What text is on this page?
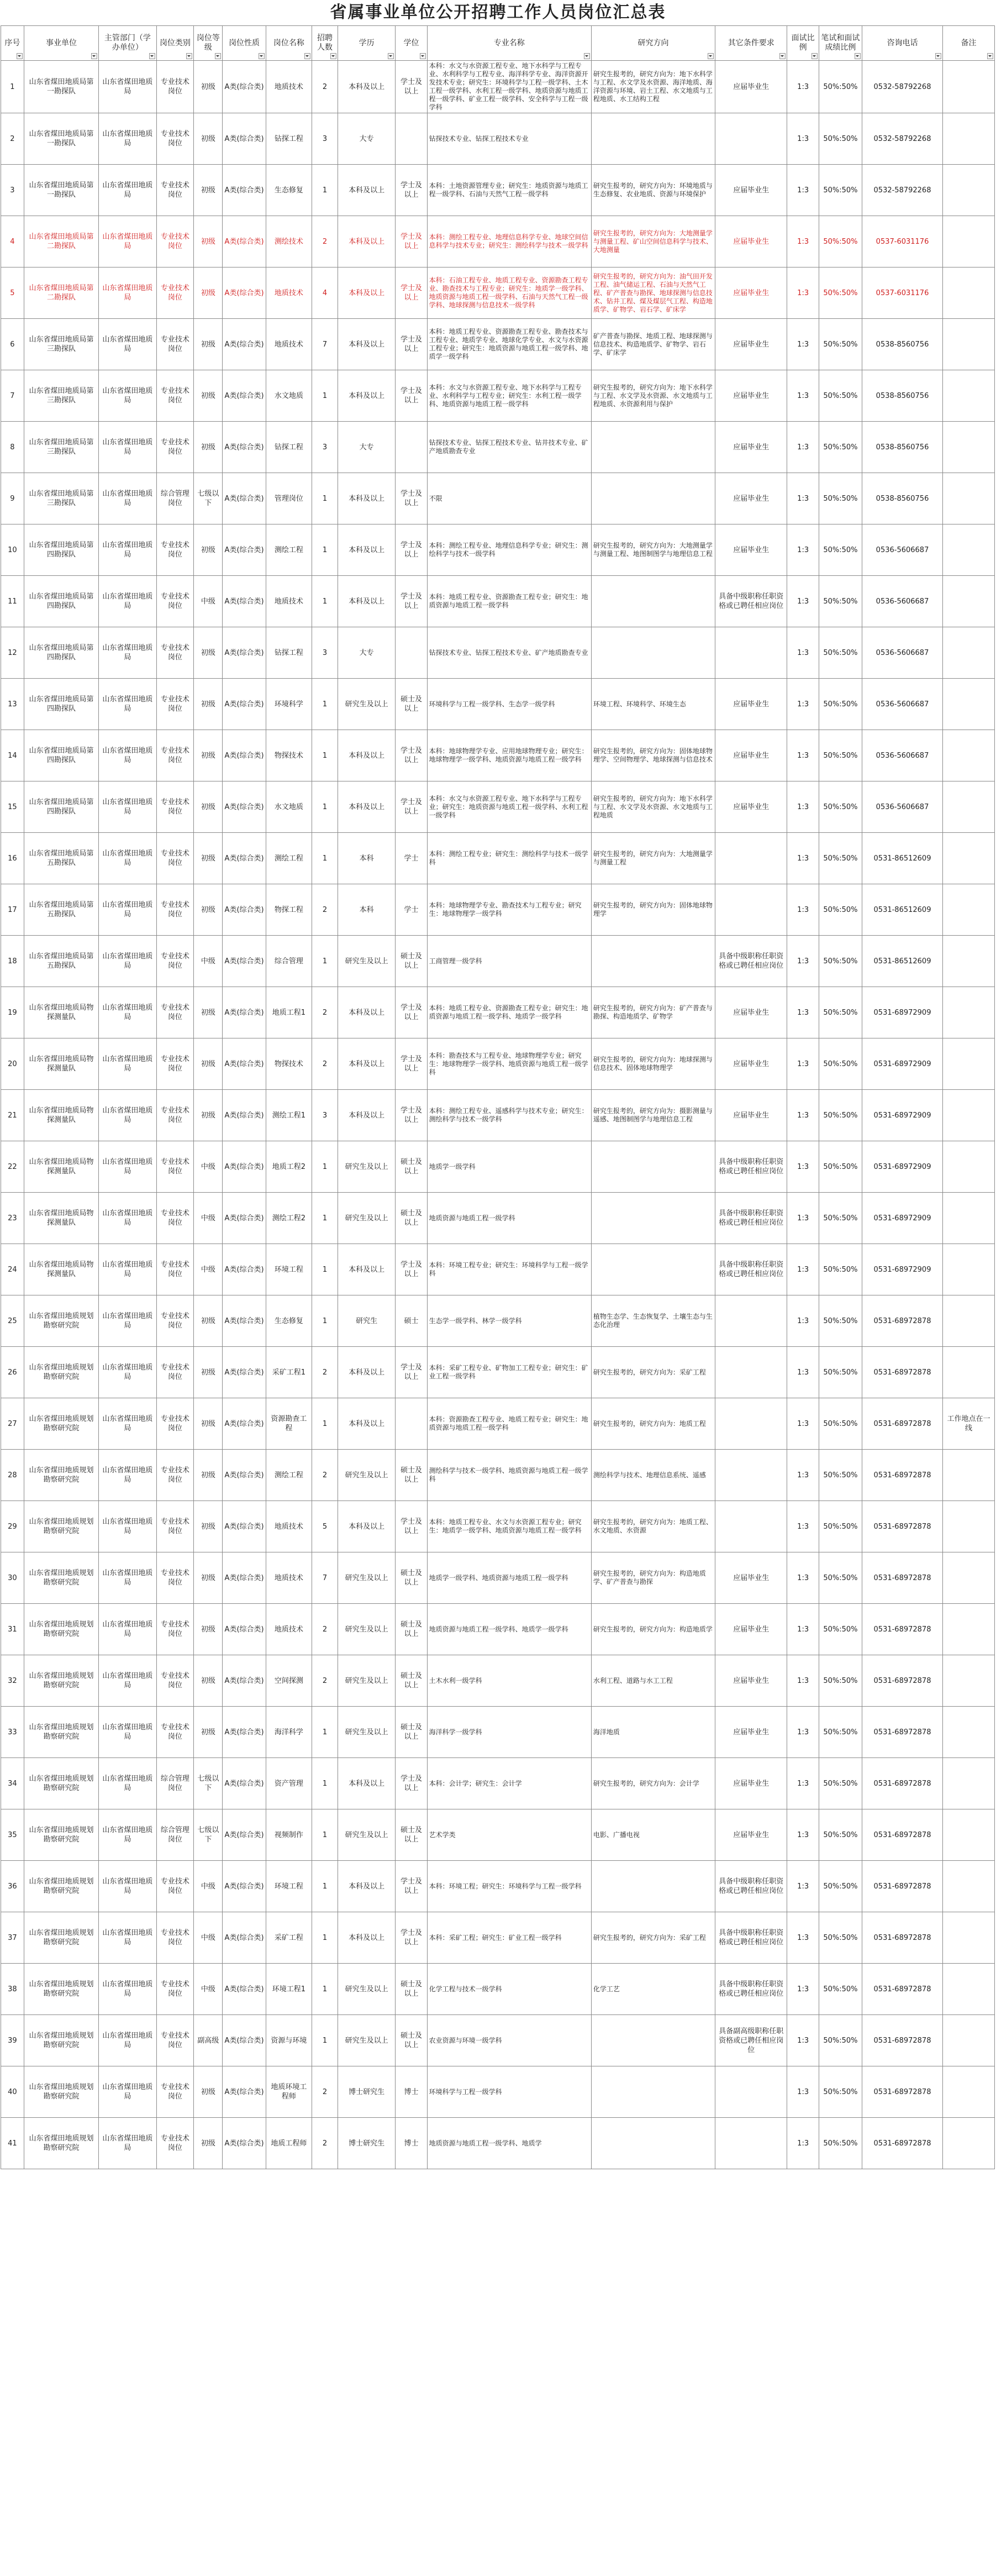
省属事业单位公开招聘工作人员岗位汇总表
序号	事业单位	主管部门（学办单位）	岗位类别	岗位等级	岗位性质	岗位名称	招聘人数	学历	学位	专业名称	研究方向	其它条件要求	面试比例	笔试和面试成绩比例	咨询电话	备注

1	山东省煤田地质局第一勘探队	山东省煤田地质局	专业技术岗位	初级	A类(综合类)	地质技术	2	本科及以上	学士及以上	本科：水文与水资源工程专业、地下水科学与工程专业、水利科学与工程专业、海洋科学专业、海洋资源开发技术专业；研究生：环境科学与工程一级学科、土木工程一级学科、水利工程一级学科、地质资源与地质工程一级学科、矿业工程一级学科、安全科学与工程一级学科	研究生报考的，研究方向为：地下水科学与工程、水文学及水资源、海洋地质、海洋资源与环境、岩土工程、水文地质与工程地质、水工结构工程	应届毕业生	1:3	50%:50%	0532-58792268	
2	山东省煤田地质局第一勘探队	山东省煤田地质局	专业技术岗位	初级	A类(综合类)	钻探工程	3	大专		钻探技术专业、钻探工程技术专业			1:3	50%:50%	0532-58792268	
3	山东省煤田地质局第一勘探队	山东省煤田地质局	专业技术岗位	初级	A类(综合类)	生态修复	1	本科及以上	学士及以上	本科：土地资源管理专业；研究生：地质资源与地质工程一级学科、石油与天然气工程一级学科	研究生报考的，研究方向为：环境地质与生态修复、农业地质、资源与环境保护	应届毕业生	1:3	50%:50%	0532-58792268	
4	山东省煤田地质局第二勘探队	山东省煤田地质局	专业技术岗位	初级	A类(综合类)	测绘技术	2	本科及以上	学士及以上	本科：测绘工程专业、地理信息科学专业、地球空间信息科学与技术专业；研究生：测绘科学与技术一级学科	研究生报考的，研究方向为：大地测量学与测量工程、矿山空间信息科学与技术、大地测量	应届毕业生	1:3	50%:50%	0537-6031176	
5	山东省煤田地质局第二勘探队	山东省煤田地质局	专业技术岗位	初级	A类(综合类)	地质技术	4	本科及以上	学士及以上	本科：石油工程专业、地质工程专业、资源勘查工程专业、勘查技术与工程专业；研究生：地质学一级学科、地质资源与地质工程一级学科、石油与天然气工程一级学科、地球探测与信息技术一级学科	研究生报考的，研究方向为：油气田开发工程、油气储运工程、石油与天然气工程、矿产普查与勘探、地球探测与信息技术、钻井工程、煤及煤层气工程、构造地质学、矿物学、岩石学、矿床学	应届毕业生	1:3	50%:50%	0537-6031176	
6	山东省煤田地质局第三勘探队	山东省煤田地质局	专业技术岗位	初级	A类(综合类)	地质技术	7	本科及以上	学士及以上	本科：地质工程专业、资源勘查工程专业、勘查技术与工程专业、地质学专业、地球化学专业、水文与水资源工程专业；研究生：地质资源与地质工程一级学科、地质学一级学科	矿产普查与勘探、地质工程、地球探测与信息技术、构造地质学、矿物学、岩石学、矿床学	应届毕业生	1:3	50%:50%	0538-8560756	
7	山东省煤田地质局第三勘探队	山东省煤田地质局	专业技术岗位	初级	A类(综合类)	水文地质	1	本科及以上	学士及以上	本科：水文与水资源工程专业、地下水科学与工程专业、水利科学与工程专业；研究生：水利工程一级学科、地质资源与地质工程一级学科	研究生报考的，研究方向为：地下水科学与工程、水文学及水资源、水文地质与工程地质、水资源利用与保护	应届毕业生	1:3	50%:50%	0538-8560756	
8	山东省煤田地质局第三勘探队	山东省煤田地质局	专业技术岗位	初级	A类(综合类)	钻探工程	3	大专		钻探技术专业、钻探工程技术专业、钻井技术专业、矿产地质勘查专业		应届毕业生	1:3	50%:50%	0538-8560756	
9	山东省煤田地质局第三勘探队	山东省煤田地质局	综合管理岗位	七级以下	A类(综合类)	管理岗位	1	本科及以上	学士及以上	不限		应届毕业生	1:3	50%:50%	0538-8560756	
10	山东省煤田地质局第四勘探队	山东省煤田地质局	专业技术岗位	初级	A类(综合类)	测绘工程	1	本科及以上	学士及以上	本科：测绘工程专业、地理信息科学专业；研究生：测绘科学与技术一级学科	研究生报考的，研究方向为：大地测量学与测量工程、地图制图学与地理信息工程	应届毕业生	1:3	50%:50%	0536-5606687	
11	山东省煤田地质局第四勘探队	山东省煤田地质局	专业技术岗位	中级	A类(综合类)	地质技术	1	本科及以上	学士及以上	本科：地质工程专业、资源勘查工程专业；研究生：地质资源与地质工程一级学科		具备中级职称任职资格或已聘任相应岗位	1:3	50%:50%	0536-5606687	
12	山东省煤田地质局第四勘探队	山东省煤田地质局	专业技术岗位	初级	A类(综合类)	钻探工程	3	大专		钻探技术专业、钻探工程技术专业、矿产地质勘查专业			1:3	50%:50%	0536-5606687	
13	山东省煤田地质局第四勘探队	山东省煤田地质局	专业技术岗位	初级	A类(综合类)	环境科学	1	研究生及以上	硕士及以上	环境科学与工程一级学科、生态学一级学科	环境工程、环境科学、环境生态	应届毕业生	1:3	50%:50%	0536-5606687	
14	山东省煤田地质局第四勘探队	山东省煤田地质局	专业技术岗位	初级	A类(综合类)	物探技术	1	本科及以上	学士及以上	本科：地球物理学专业、应用地球物理专业；研究生：地球物理学一级学科、地质资源与地质工程一级学科	研究生报考的，研究方向为：固体地球物理学、空间物理学、地球探测与信息技术	应届毕业生	1:3	50%:50%	0536-5606687	
15	山东省煤田地质局第四勘探队	山东省煤田地质局	专业技术岗位	初级	A类(综合类)	水文地质	1	本科及以上	学士及以上	本科：水文与水资源工程专业、地下水科学与工程专业；研究生：地质资源与地质工程一级学科、水利工程一级学科	研究生报考的，研究方向为：地下水科学与工程、水文学及水资源、水文地质与工程地质	应届毕业生	1:3	50%:50%	0536-5606687	
16	山东省煤田地质局第五勘探队	山东省煤田地质局	专业技术岗位	初级	A类(综合类)	测绘工程	1	本科	学士	本科：测绘工程专业；研究生：测绘科学与技术一级学科	研究生报考的，研究方向为：大地测量学与测量工程		1:3	50%:50%	0531-86512609	
17	山东省煤田地质局第五勘探队	山东省煤田地质局	专业技术岗位	初级	A类(综合类)	物探工程	2	本科	学士	本科：地球物理学专业、勘查技术与工程专业；研究生：地球物理学一级学科	研究生报考的，研究方向为：固体地球物理学		1:3	50%:50%	0531-86512609	
18	山东省煤田地质局第五勘探队	山东省煤田地质局	专业技术岗位	中级	A类(综合类)	综合管理	1	研究生及以上	硕士及以上	工商管理一级学科		具备中级职称任职资格或已聘任相应岗位	1:3	50%:50%	0531-86512609	
19	山东省煤田地质局物探测量队	山东省煤田地质局	专业技术岗位	初级	A类(综合类)	地质工程1	2	本科及以上	学士及以上	本科：地质工程专业、资源勘查工程专业；研究生：地质资源与地质工程一级学科、地质学一级学科	研究生报考的，研究方向为：矿产普查与勘探、构造地质学、矿物学	应届毕业生	1:3	50%:50%	0531-68972909	
20	山东省煤田地质局物探测量队	山东省煤田地质局	专业技术岗位	初级	A类(综合类)	物探技术	2	本科及以上	学士及以上	本科：勘查技术与工程专业、地球物理学专业；研究生：地球物理学一级学科、地质资源与地质工程一级学科	研究生报考的，研究方向为：地球探测与信息技术、固体地球物理学	应届毕业生	1:3	50%:50%	0531-68972909	
21	山东省煤田地质局物探测量队	山东省煤田地质局	专业技术岗位	初级	A类(综合类)	测绘工程1	3	本科及以上	学士及以上	本科：测绘工程专业、遥感科学与技术专业；研究生：测绘科学与技术一级学科	研究生报考的，研究方向为：摄影测量与遥感、地图制图学与地理信息工程	应届毕业生	1:3	50%:50%	0531-68972909	
22	山东省煤田地质局物探测量队	山东省煤田地质局	专业技术岗位	中级	A类(综合类)	地质工程2	1	研究生及以上	硕士及以上	地质学一级学科		具备中级职称任职资格或已聘任相应岗位	1:3	50%:50%	0531-68972909	
23	山东省煤田地质局物探测量队	山东省煤田地质局	专业技术岗位	中级	A类(综合类)	测绘工程2	1	研究生及以上	硕士及以上	地质资源与地质工程一级学科		具备中级职称任职资格或已聘任相应岗位	1:3	50%:50%	0531-68972909	
24	山东省煤田地质局物探测量队	山东省煤田地质局	专业技术岗位	中级	A类(综合类)	环境工程	1	本科及以上	学士及以上	本科：环境工程专业；研究生：环境科学与工程一级学科		具备中级职称任职资格或已聘任相应岗位	1:3	50%:50%	0531-68972909	
25	山东省煤田地质规划勘察研究院	山东省煤田地质局	专业技术岗位	初级	A类(综合类)	生态修复	1	研究生	硕士	生态学一级学科、林学一级学科	植物生态学、生态恢复学、土壤生态与生态化治理		1:3	50%:50%	0531-68972878	
26	山东省煤田地质规划勘察研究院	山东省煤田地质局	专业技术岗位	初级	A类(综合类)	采矿工程1	2	本科及以上	学士及以上	本科：采矿工程专业、矿物加工工程专业；研究生：矿业工程一级学科	研究生报考的，研究方向为：采矿工程		1:3	50%:50%	0531-68972878	
27	山东省煤田地质规划勘察研究院	山东省煤田地质局	专业技术岗位	初级	A类(综合类)	资源勘查工程	1	本科及以上		本科：资源勘查工程专业、地质工程专业；研究生：地质资源与地质工程一级学科	研究生报考的，研究方向为：地质工程		1:3	50%:50%	0531-68972878	工作地点在一线
28	山东省煤田地质规划勘察研究院	山东省煤田地质局	专业技术岗位	初级	A类(综合类)	测绘工程	2	研究生及以上	硕士及以上	测绘科学与技术一级学科、地质资源与地质工程一级学科	测绘科学与技术、地理信息系统、遥感		1:3	50%:50%	0531-68972878	
29	山东省煤田地质规划勘察研究院	山东省煤田地质局	专业技术岗位	初级	A类(综合类)	地质技术	5	本科及以上	学士及以上	本科：地质工程专业、水文与水资源工程专业；研究生：地质学一级学科、地质资源与地质工程一级学科	研究生报考的，研究方向为：地质工程、水文地质、水资源		1:3	50%:50%	0531-68972878	
30	山东省煤田地质规划勘察研究院	山东省煤田地质局	专业技术岗位	初级	A类(综合类)	地质技术	7	研究生及以上	硕士及以上	地质学一级学科、地质资源与地质工程一级学科	研究生报考的，研究方向为：构造地质学、矿产普查与勘探	应届毕业生	1:3	50%:50%	0531-68972878	
31	山东省煤田地质规划勘察研究院	山东省煤田地质局	专业技术岗位	初级	A类(综合类)	地质技术	2	研究生及以上	硕士及以上	地质资源与地质工程一级学科、地质学一级学科	研究生报考的，研究方向为：构造地质学	应届毕业生	1:3	50%:50%	0531-68972878	
32	山东省煤田地质规划勘察研究院	山东省煤田地质局	专业技术岗位	初级	A类(综合类)	空间探测	2	研究生及以上	硕士及以上	土木水利一级学科	水利工程、道路与水工工程	应届毕业生	1:3	50%:50%	0531-68972878	
33	山东省煤田地质规划勘察研究院	山东省煤田地质局	专业技术岗位	初级	A类(综合类)	海洋科学	1	研究生及以上	硕士及以上	海洋科学一级学科	海洋地质	应届毕业生	1:3	50%:50%	0531-68972878	
34	山东省煤田地质规划勘察研究院	山东省煤田地质局	综合管理岗位	七级以下	A类(综合类)	资产管理	1	本科及以上	学士及以上	本科：会计学；研究生：会计学	研究生报考的，研究方向为：会计学	应届毕业生	1:3	50%:50%	0531-68972878	
35	山东省煤田地质规划勘察研究院	山东省煤田地质局	综合管理岗位	七级以下	A类(综合类)	视频制作	1	研究生及以上	硕士及以上	艺术学类	电影、广播电视	应届毕业生	1:3	50%:50%	0531-68972878	
36	山东省煤田地质规划勘察研究院	山东省煤田地质局	专业技术岗位	中级	A类(综合类)	环境工程	1	本科及以上	学士及以上	本科：环境工程；研究生：环境科学与工程一级学科		具备中级职称任职资格或已聘任相应岗位	1:3	50%:50%	0531-68972878	
37	山东省煤田地质规划勘察研究院	山东省煤田地质局	专业技术岗位	中级	A类(综合类)	采矿工程	1	本科及以上	学士及以上	本科：采矿工程；研究生：矿业工程一级学科	研究生报考的，研究方向为：采矿工程	具备中级职称任职资格或已聘任相应岗位	1:3	50%:50%	0531-68972878	
38	山东省煤田地质规划勘察研究院	山东省煤田地质局	专业技术岗位	中级	A类(综合类)	环境工程1	1	研究生及以上	硕士及以上	化学工程与技术一级学科	化学工艺	具备中级职称任职资格或已聘任相应岗位	1:3	50%:50%	0531-68972878	
39	山东省煤田地质规划勘察研究院	山东省煤田地质局	专业技术岗位	副高级	A类(综合类)	资源与环境	1	研究生及以上	硕士及以上	农业资源与环境一级学科		具备副高级职称任职资格或已聘任相应岗位	1:3	50%:50%	0531-68972878	
40	山东省煤田地质规划勘察研究院	山东省煤田地质局	专业技术岗位	初级	A类(综合类)	地质环境工程师	2	博士研究生	博士	环境科学与工程一级学科			1:3	50%:50%	0531-68972878	
41	山东省煤田地质规划勘察研究院	山东省煤田地质局	专业技术岗位	初级	A类(综合类)	地质工程师	2	博士研究生	博士	地质资源与地质工程一级学科、地质学			1:3	50%:50%	0531-68972878	
